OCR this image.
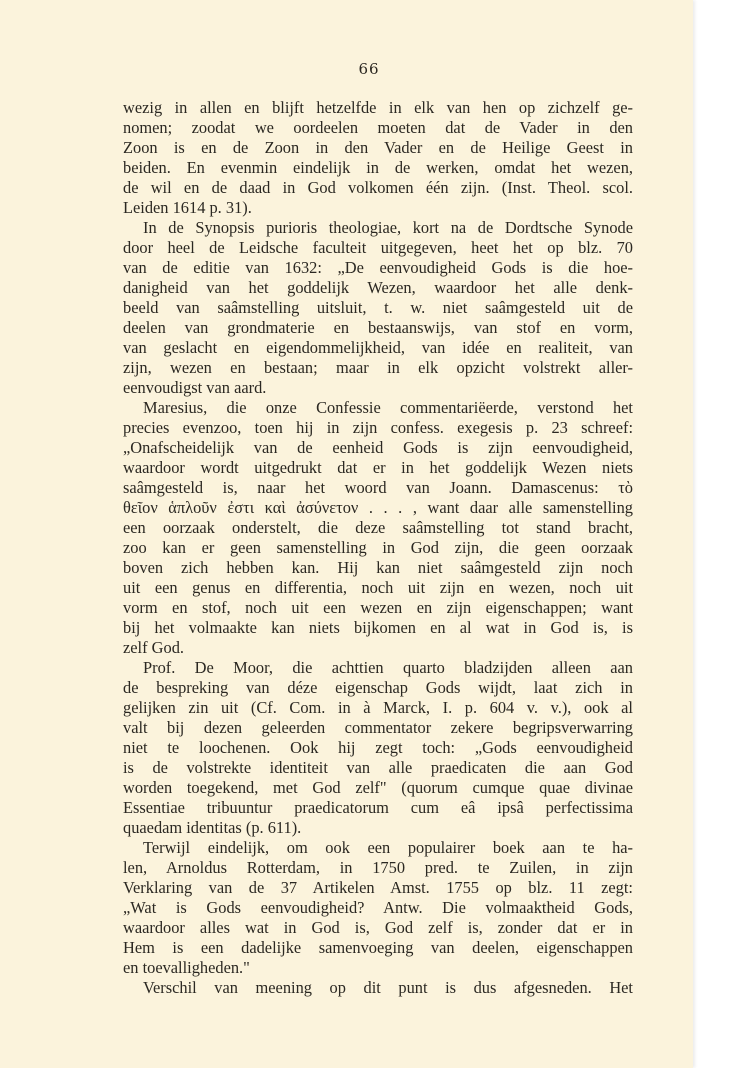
66
wezig in allen en blijft hetzelfde in elk van hen op zichzelf ge-
nomen; zoodat we oordeelen moeten dat de Vader in den
Zoon is en de Zoon in den Vader en de Heilige Geest in
beiden. En evenmin eindelijk in de werken, omdat het wezen,
de wil en de daad in God volkomen één zijn. (Inst. Theol. scol.
Leiden 1614 p. 31).
In de Synopsis purioris theologiae, kort na de Dordtsche Synode
door heel de Leidsche faculteit uitgegeven, heet het op blz. 70
van de editie van 1632: „De eenvoudigheid Gods is die hoe-
danigheid van het goddelijk Wezen, waardoor het alle denk-
beeld van saâmstelling uitsluit, t. w. niet saâmgesteld uit de
deelen van grondmaterie en bestaanswijs, van stof en vorm,
van geslacht en eigendommelijkheid, van idée en realiteit, van
zijn, wezen en bestaan; maar in elk opzicht volstrekt aller-
eenvoudigst van aard.
Maresius, die onze Confessie commentariëerde, verstond het
precies evenzoo, toen hij in zijn confess. exegesis p. 23 schreef:
„Onafscheidelijk van de eenheid Gods is zijn eenvoudigheid,
waardoor wordt uitgedrukt dat er in het goddelijk Wezen niets
saâmgesteld is, naar het woord van Joann. Damascenus: τὸ
θεῖον ἁπλοῦν ἐστι καὶ ἀσύνετον . . . , want daar alle samenstelling
een oorzaak onderstelt, die deze saâmstelling tot stand bracht,
zoo kan er geen samenstelling in God zijn, die geen oorzaak
boven zich hebben kan. Hij kan niet saâmgesteld zijn noch
uit een genus en differentia, noch uit zijn en wezen, noch uit
vorm en stof, noch uit een wezen en zijn eigenschappen; want
bij het volmaakte kan niets bijkomen en al wat in God is, is
zelf God.
Prof. De Moor, die achttien quarto bladzijden alleen aan
de bespreking van déze eigenschap Gods wijdt, laat zich in
gelijken zin uit (Cf. Com. in à Marck, I. p. 604 v. v.), ook al
valt bij dezen geleerden commentator zekere begripsverwarring
niet te loochenen. Ook hij zegt toch: „Gods eenvoudigheid
is de volstrekte identiteit van alle praedicaten die aan God
worden toegekend, met God zelf" (quorum cumque quae divinae
Essentiae tribuuntur praedicatorum cum eâ ipsâ perfectissima
quaedam identitas (p. 611).
Terwijl eindelijk, om ook een populairer boek aan te ha-
len, Arnoldus Rotterdam, in 1750 pred. te Zuilen, in zijn
Verklaring van de 37 Artikelen Amst. 1755 op blz. 11 zegt:
„Wat is Gods eenvoudigheid? Antw. Die volmaaktheid Gods,
waardoor alles wat in God is, God zelf is, zonder dat er in
Hem is een dadelijke samenvoeging van deelen, eigenschappen
en toevalligheden."
Verschil van meening op dit punt is dus afgesneden. Het
